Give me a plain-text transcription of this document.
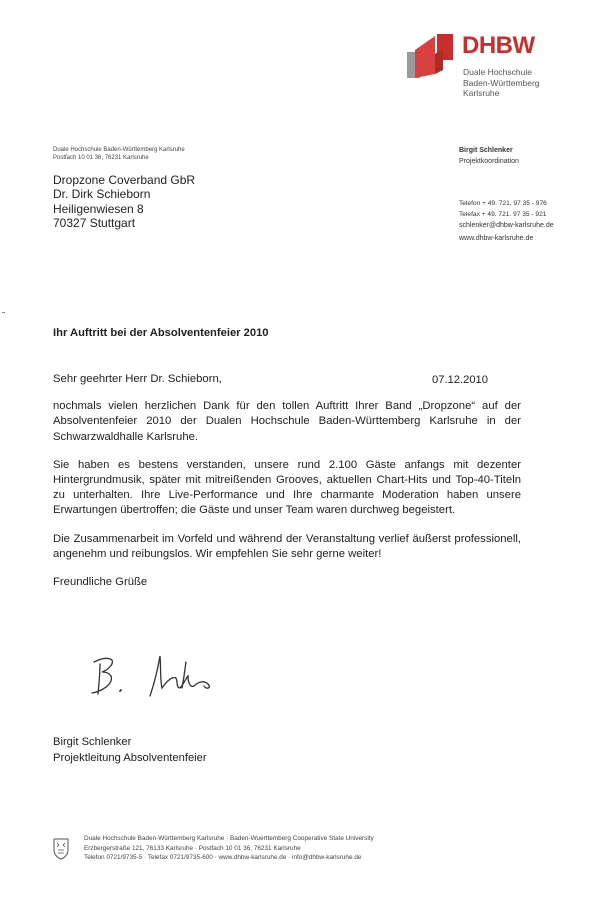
DHBW
Duale Hochschule
Baden-Württemberg
Karlsruhe
Duale Hochschule Baden-Württemberg Karlsruhe
Postfach 10 01 36, 76231 Karlsruhe
Dropzone Coverband GbR
Dr. Dirk Schieborn
Heiligenwiesen 8
70327 Stuttgart
Birgit Schlenker
Projektkoordination
Telefon + 49. 721. 97 35 - 976
Telefax + 49. 721. 97 35 - 921
schlenker@dhbw-karlsruhe.de
www.dhbw-karlsruhe.de
Ihr Auftritt bei der Absolventenfeier 2010
07.12.2010

Sehr geehrter Herr Dr. Schieborn,

nochmals vielen herzlichen Dank für den tollen Auftritt Ihrer Band „Dropzone“ auf der Absolventenfeier 2010 der Dualen Hochschule Baden-Württemberg Karlsruhe in der Schwarzwaldhalle Karlsruhe.

Sie haben es bestens verstanden, unsere rund 2.100 Gäste anfangs mit dezenter Hintergrundmusik, später mit mitreißenden Grooves, aktuellen Chart-Hits und Top-40-Titeln zu unterhalten. Ihre Live-Performance und Ihre charmante Moderation haben unsere Erwartungen übertroffen; die Gäste und unser Team waren durchweg begeistert.

Die Zusammenarbeit im Vorfeld und während der Veranstaltung verlief äußerst professionell, angenehm und reibungslos. Wir empfehlen Sie sehr gerne weiter!

Freundliche Grüße

Birgit Schlenker
Projektleitung Absolventenfeier
Duale Hochschule Baden-Württemberg Karlsruhe · Baden-Wuerttemberg Cooperative State University
Erzbergerstraße 121, 76133 Karlsruhe · Postfach 10 01 36, 76231 Karlsruhe
Telefon 0721/9735-5 · Telefax 0721/9735-600 · www.dhbw-karlsruhe.de · info@dhbw-karlsruhe.de
